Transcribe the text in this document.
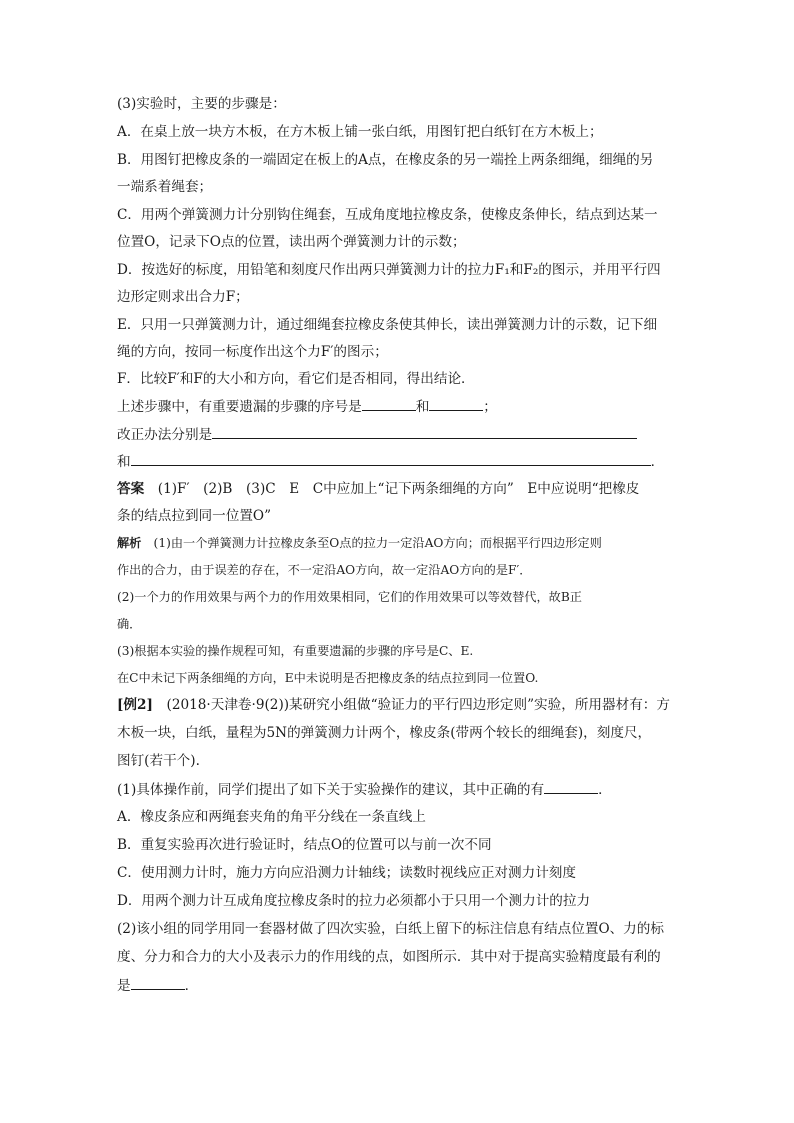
(3)实验时，主要的步骤是：
A．在桌上放一块方木板，在方木板上铺一张白纸，用图钉把白纸钉在方木板上；
B．用图钉把橡皮条的一端固定在板上的A点，在橡皮条的另一端拴上两条细绳，细绳的另
一端系着绳套；
C．用两个弹簧测力计分别钩住绳套，互成角度地拉橡皮条，使橡皮条伸长，结点到达某一
位置O，记录下O点的位置，读出两个弹簧测力计的示数；
D．按选好的标度，用铅笔和刻度尺作出两只弹簧测力计的拉力F₁和F₂的图示，并用平行四
边形定则求出合力F；
E．只用一只弹簧测力计，通过细绳套拉橡皮条使其伸长，读出弹簧测力计的示数，记下细
绳的方向，按同一标度作出这个力F′的图示；
F．比较F′和F的大小和方向，看它们是否相同，得出结论．
上述步骤中，有重要遗漏的步骤的序号是	和	；
改正办法分别是
和	．
答案　(1)F′　(2)B　(3)C　E　C中应加上“记下两条细绳的方向”　E中应说明“把橡皮
条的结点拉到同一位置O”
解析　(1)由一个弹簧测力计拉橡皮条至O点的拉力一定沿AO方向；而根据平行四边形定则
作出的合力，由于误差的存在，不一定沿AO方向，故一定沿AO方向的是F′．
(2)一个力的作用效果与两个力的作用效果相同，它们的作用效果可以等效替代，故B正
确．
(3)根据本实验的操作规程可知，有重要遗漏的步骤的序号是C、E.
在C中未记下两条细绳的方向，E中未说明是否把橡皮条的结点拉到同一位置O.
[例2]　(2018·天津卷·9(2))某研究小组做“验证力的平行四边形定则”实验，所用器材有：方
木板一块，白纸，量程为5N的弹簧测力计两个，橡皮条(带两个较长的细绳套)，刻度尺，
图钉(若干个).
(1)具体操作前，同学们提出了如下关于实验操作的建议，其中正确的有	．
A．橡皮条应和两绳套夹角的角平分线在一条直线上
B．重复实验再次进行验证时，结点O的位置可以与前一次不同
C．使用测力计时，施力方向应沿测力计轴线；读数时视线应正对测力计刻度
D．用两个测力计互成角度拉橡皮条时的拉力必须都小于只用一个测力计的拉力
(2)该小组的同学用同一套器材做了四次实验，白纸上留下的标注信息有结点位置O、力的标
度、分力和合力的大小及表示力的作用线的点，如图所示．其中对于提高实验精度最有利的
是	．
